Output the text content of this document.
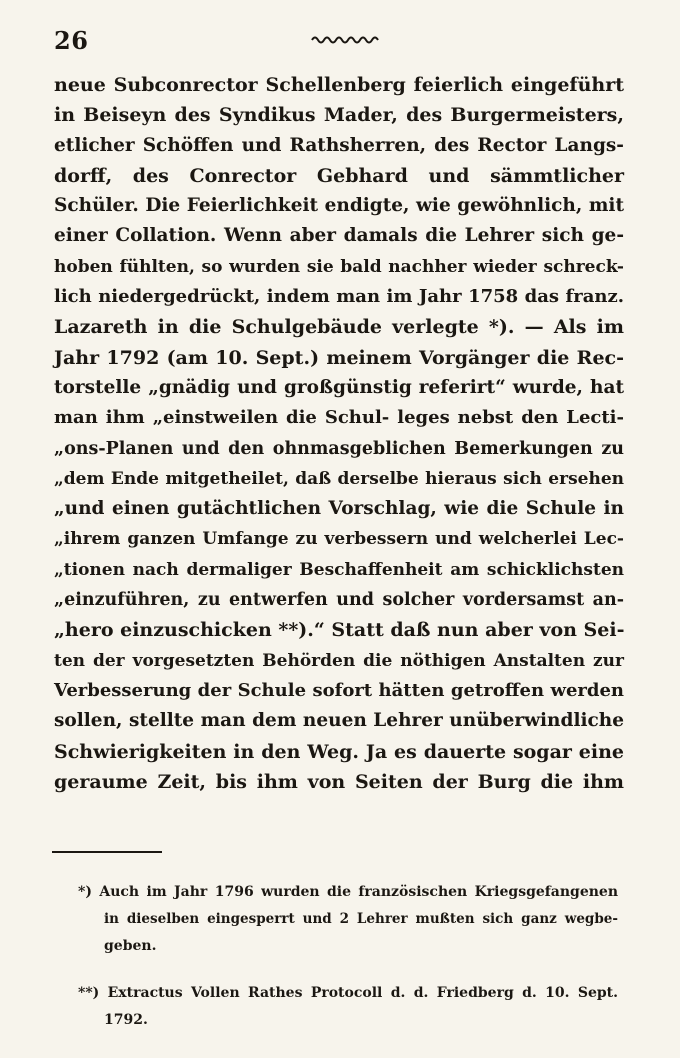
26
neue Subconrector Schellenberg feierlich eingeführt
in Beiseyn des Syndikus Mader, des Burgermeisters,
etlicher Schöffen und Rathsherren, des Rector Langs-
dorff, des Conrector Gebhard und sämmtlicher
Schüler. Die Feierlichkeit endigte, wie gewöhnlich, mit
einer Collation. Wenn aber damals die Lehrer sich ge-
hoben fühlten, so wurden sie bald nachher wieder schreck-
lich niedergedrückt, indem man im Jahr 1758 das franz.
Lazareth in die Schulgebäude verlegte *). — Als im
Jahr 1792 (am 10. Sept.) meinem Vorgänger die Rec-
torstelle „gnädig und großgünstig referirt“ wurde, hat
man ihm „einstweilen die Schul- leges nebst den Lecti-
„ons-Planen und den ohnmasgeblichen Bemerkungen zu
„dem Ende mitgetheilet, daß derselbe hieraus sich ersehen
„und einen gutächtlichen Vorschlag, wie die Schule in
„ihrem ganzen Umfange zu verbessern und welcherlei Lec-
„tionen nach dermaliger Beschaffenheit am schicklichsten
„einzuführen, zu entwerfen und solcher vordersamst an-
„hero einzuschicken **).“ Statt daß nun aber von Sei-
ten der vorgesetzten Behörden die nöthigen Anstalten zur
Verbesserung der Schule sofort hätten getroffen werden
sollen, stellte man dem neuen Lehrer unüberwindliche
Schwierigkeiten in den Weg. Ja es dauerte sogar eine
geraume Zeit, bis ihm von Seiten der Burg die ihm
*) Auch im Jahr 1796 wurden die französischen Kriegsgefangenen
in dieselben eingesperrt und 2 Lehrer mußten sich ganz wegbe-
geben.
**) Extractus Vollen Rathes Protocoll d. d. Friedberg d. 10. Sept.
1792.
